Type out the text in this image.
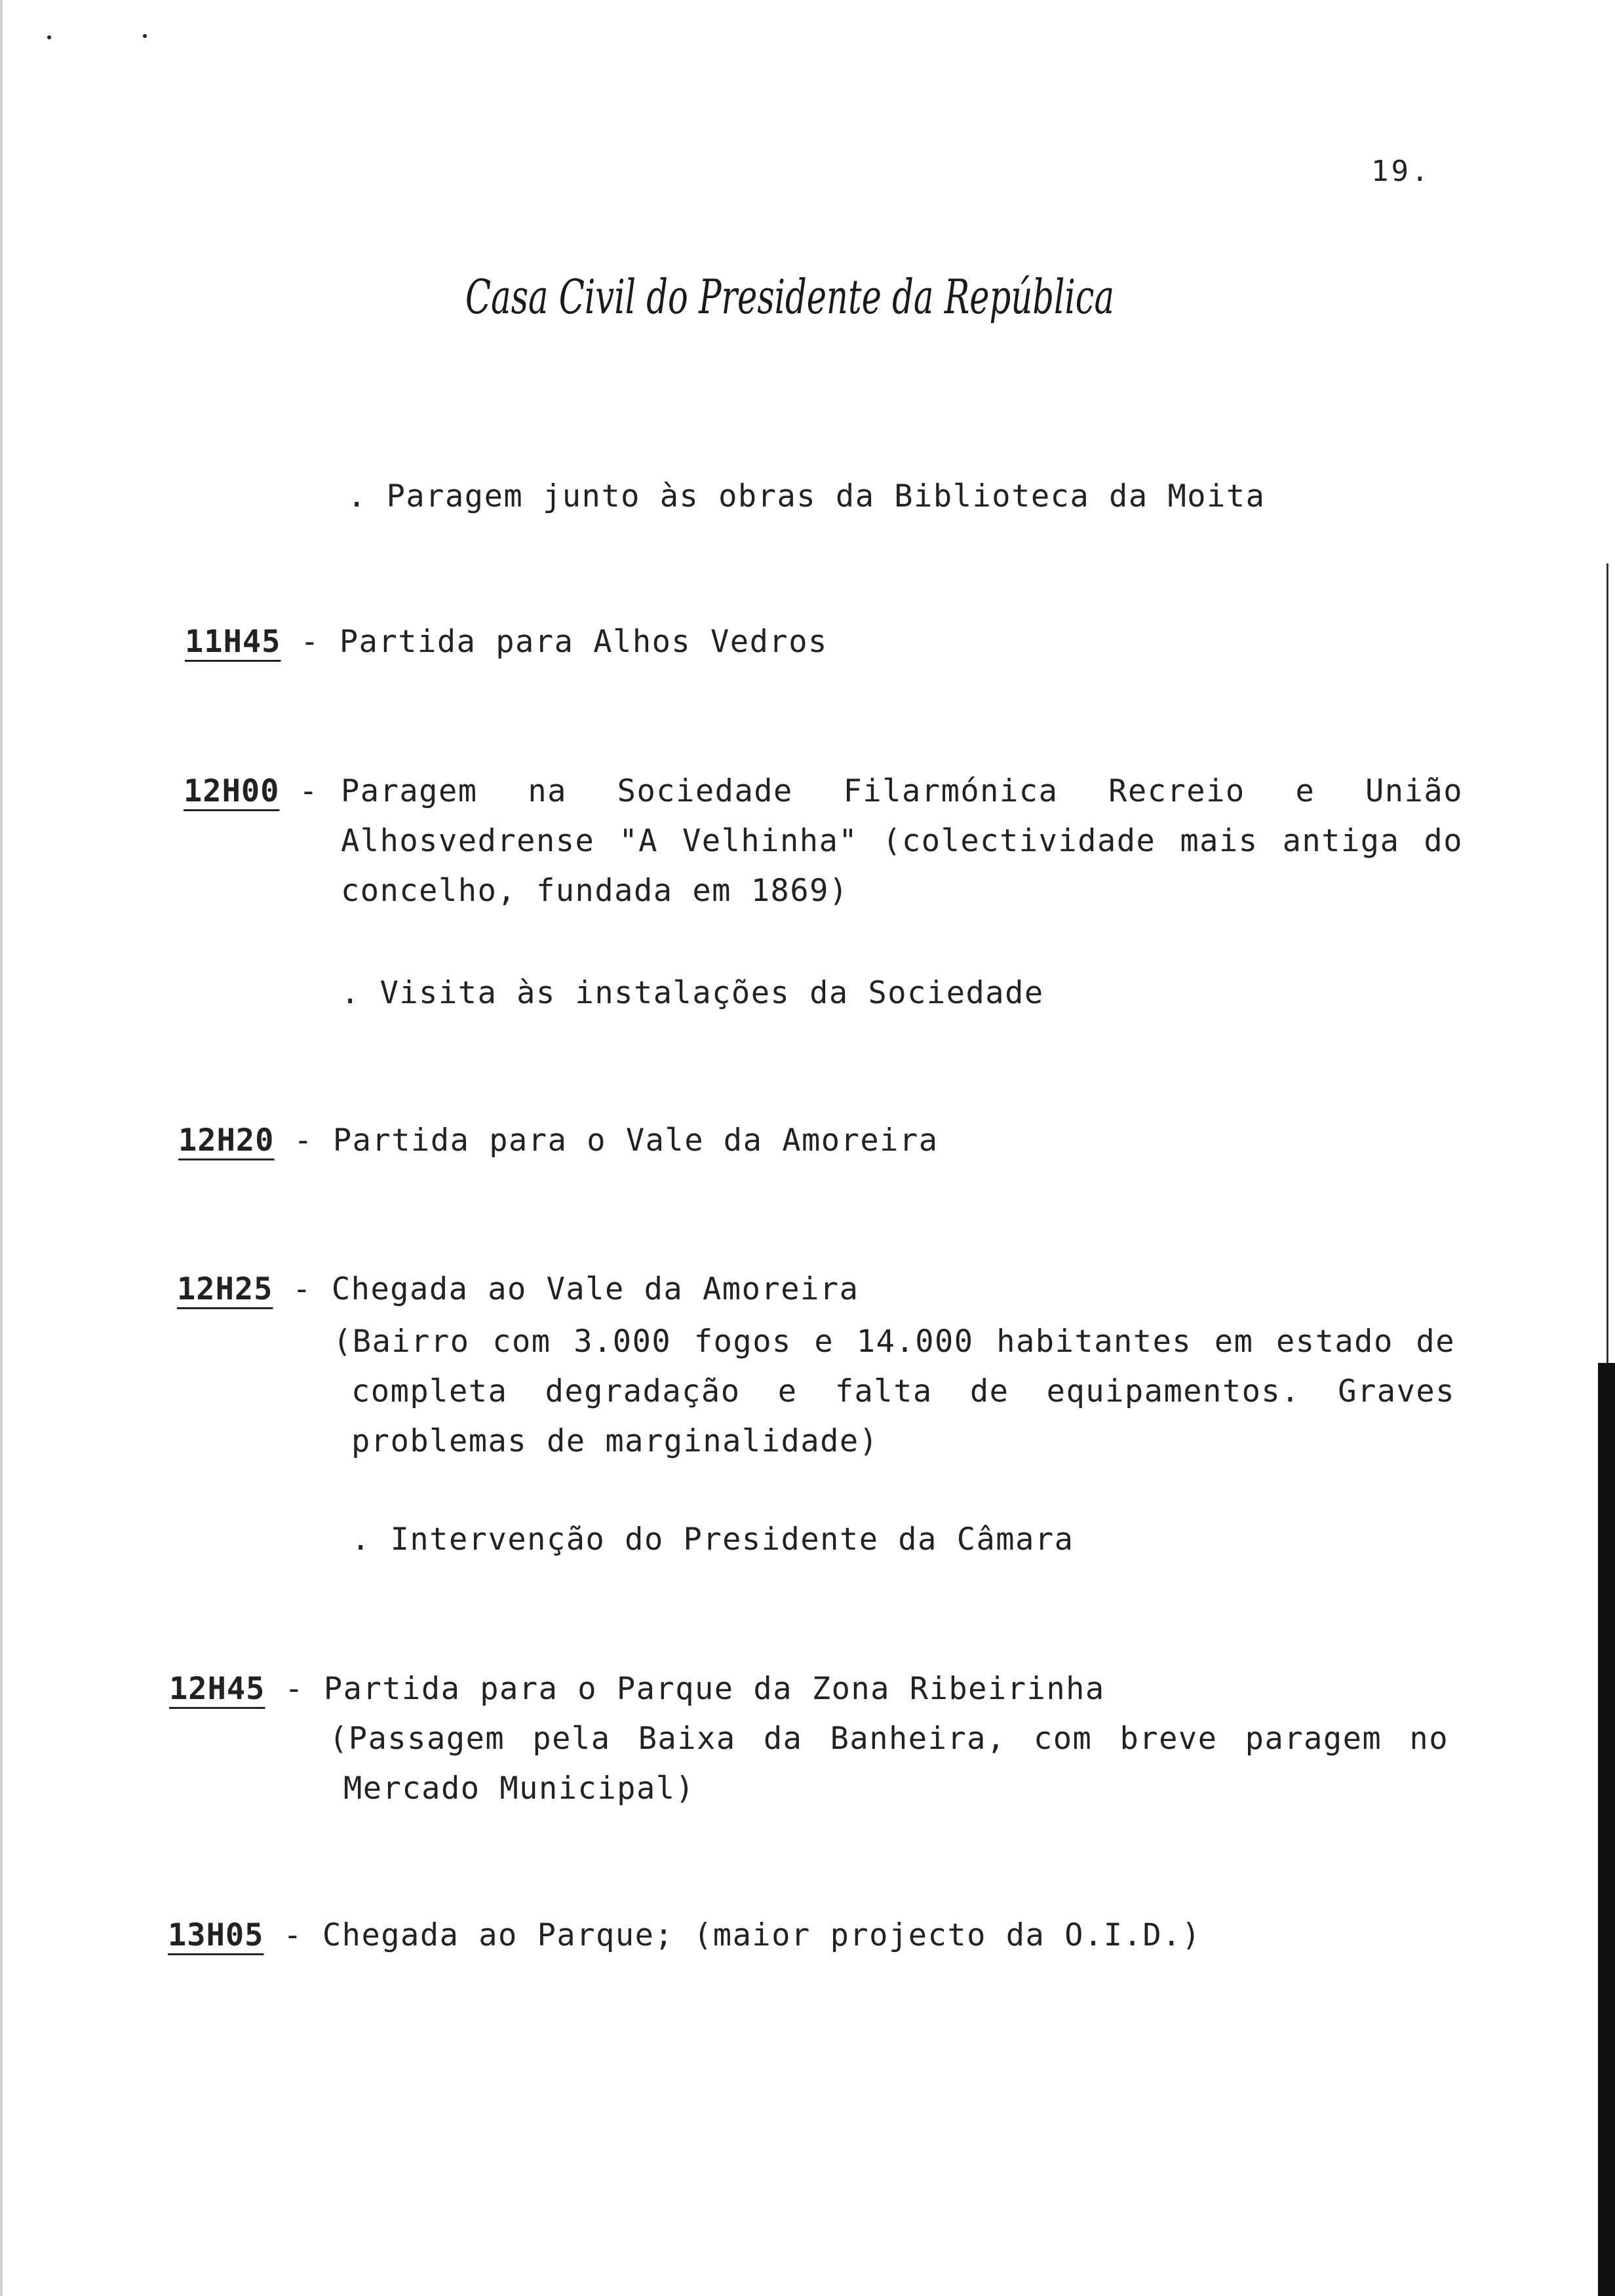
19.
Casa Civil do Presidente da República
. Paragem junto às obras da Biblioteca da Moita
11H45 - Partida para Alhos Vedros
12H00 - Paragem na Sociedade Filarmónica Recreio e União
Alhosvedrense "A Velhinha" (colectividade mais antiga do
concelho, fundada em 1869)
. Visita às instalações da Sociedade
12H20 - Partida para o Vale da Amoreira
12H25 - Chegada ao Vale da Amoreira
(Bairro com 3.000 fogos e 14.000 habitantes em estado de
completa degradação e falta de equipamentos. Graves
problemas de marginalidade)
. Intervenção do Presidente da Câmara
12H45 - Partida para o Parque da Zona Ribeirinha
(Passagem pela Baixa da Banheira, com breve paragem no
Mercado Municipal)
13H05 - Chegada ao Parque; (maior projecto da O.I.D.)
